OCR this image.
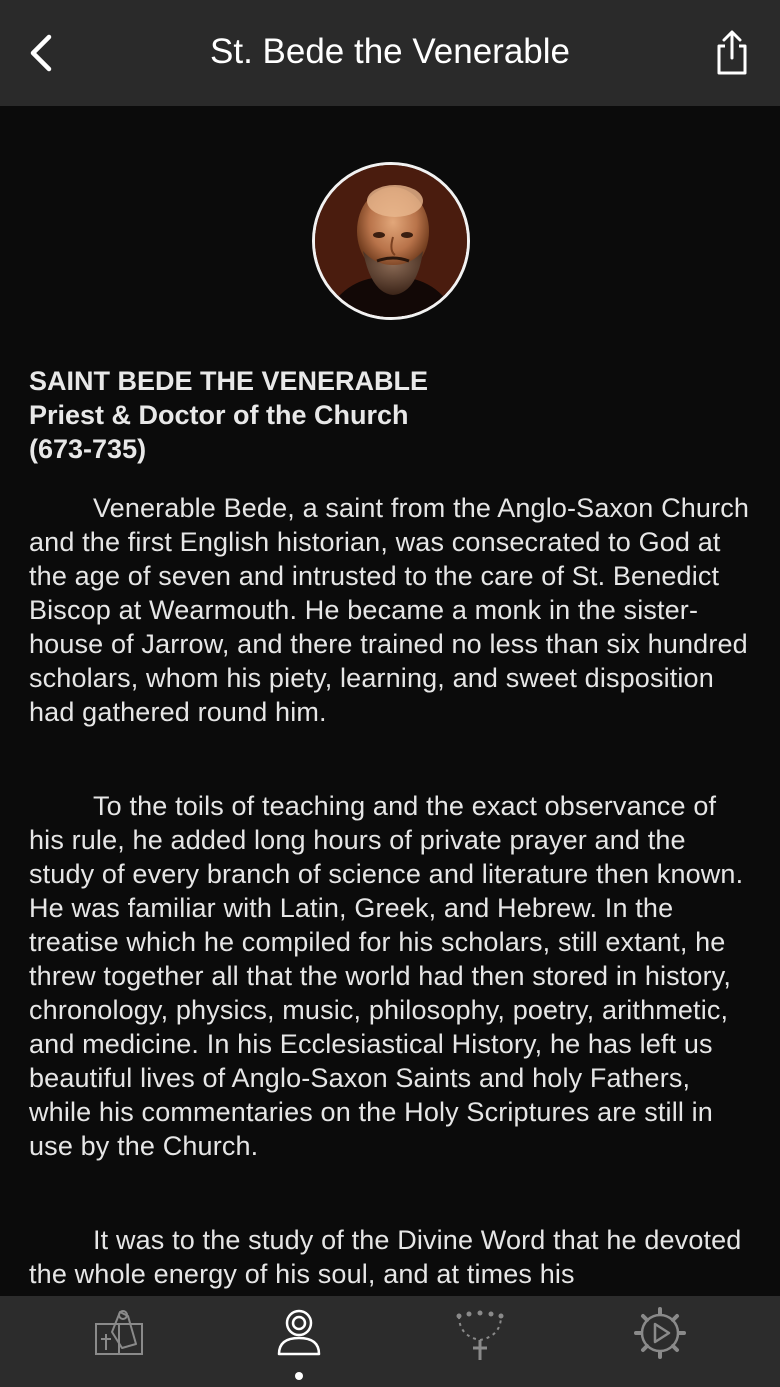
St. Bede the Venerable
SAINT BEDE THE VENERABLE
Priest & Doctor of the Church
(673-735)
Venerable Bede, a saint from the Anglo-Saxon Church and the first English historian, was consecrated to God at the age of seven and intrusted to the care of St. Benedict Biscop at Wearmouth. He became a monk in the sister-house of Jarrow, and there trained no less than six hundred scholars, whom his piety, learning, and sweet disposition had gathered round him.
To the toils of teaching and the exact observance of his rule, he added long hours of private prayer and the study of every branch of science and literature then known. He was familiar with Latin, Greek, and Hebrew. In the treatise which he compiled for his scholars, still extant, he threw together all that the world had then stored in history, chronology, physics, music, philosophy, poetry, arithmetic, and medicine. In his Ecclesiastical History, he has left us beautiful lives of Anglo-Saxon Saints and holy Fathers, while his commentaries on the Holy Scriptures are still in use by the Church.
It was to the study of the Divine Word that he devoted the whole energy of his soul, and at times his
